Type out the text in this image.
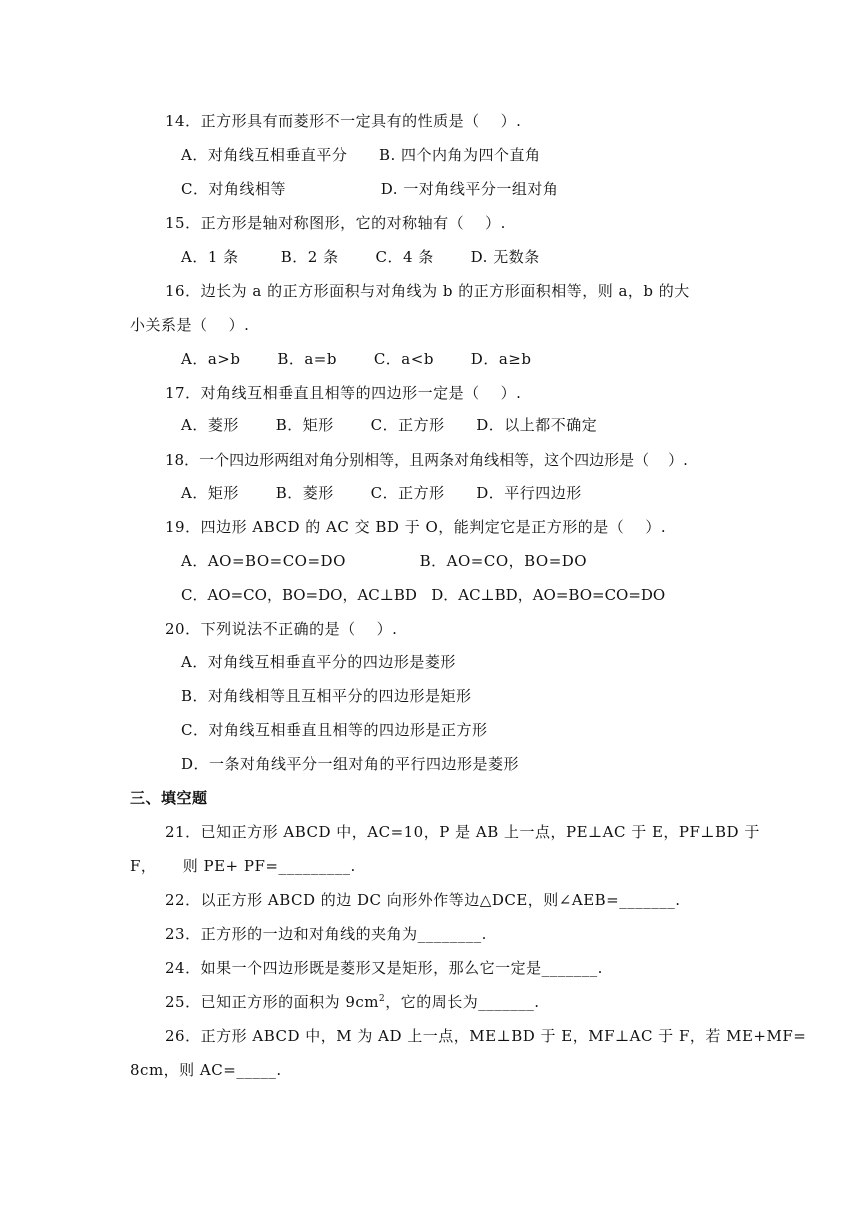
14．正方形具有而菱形不一定具有的性质是（    ）.
A．对角线互相垂直平分      B. 四个内角为四个直角
C．对角线相等                  D. 一对角线平分一组对角
15．正方形是轴对称图形，它的对称轴有（    ）.
A．1 条        B．2 条       C．4 条       D. 无数条
16．边长为 a 的正方形面积与对角线为 b 的正方形面积相等，则 a，b 的大
小关系是（    ）.
A．a>b       B．a=b       C．a<b       D．a≥b
17．对角线互相垂直且相等的四边形一定是（    ）.
A．菱形       B．矩形       C．正方形      D．以上都不确定
18．一个四边形两组对角分别相等，且两条对角线相等，这个四边形是（    ）.
A．矩形       B．菱形       C．正方形      D．平行四边形
19．四边形 ABCD 的 AC 交 BD 于 O，能判定它是正方形的是（    ）.
A．AO=BO=CO=DO              B．AO=CO，BO=DO
C．AO=CO，BO=DO，AC⊥BD   D．AC⊥BD，AO=BO=CO=DO
20．下列说法不正确的是（    ）.
A．对角线互相垂直平分的四边形是菱形
B．对角线相等且互相平分的四边形是矩形
C．对角线互相垂直且相等的四边形是正方形
D．一条对角线平分一组对角的平行四边形是菱形
三、填空题
21．已知正方形 ABCD 中，AC=10，P 是 AB 上一点，PE⊥AC 于 E，PF⊥BD 于
F，     则 PE+ PF=_________.
22．以正方形 ABCD 的边 DC 向形外作等边△DCE，则∠AEB=_______.
23．正方形的一边和对角线的夹角为________.
24．如果一个四边形既是菱形又是矩形，那么它一定是_______.
25．已知正方形的面积为 $9cm^2$，它的周长为_______.
26．正方形 ABCD 中，M 为 AD 上一点，ME⊥BD 于 E，MF⊥AC 于 F，若 ME+MF=
8cm，则 AC=_____.
